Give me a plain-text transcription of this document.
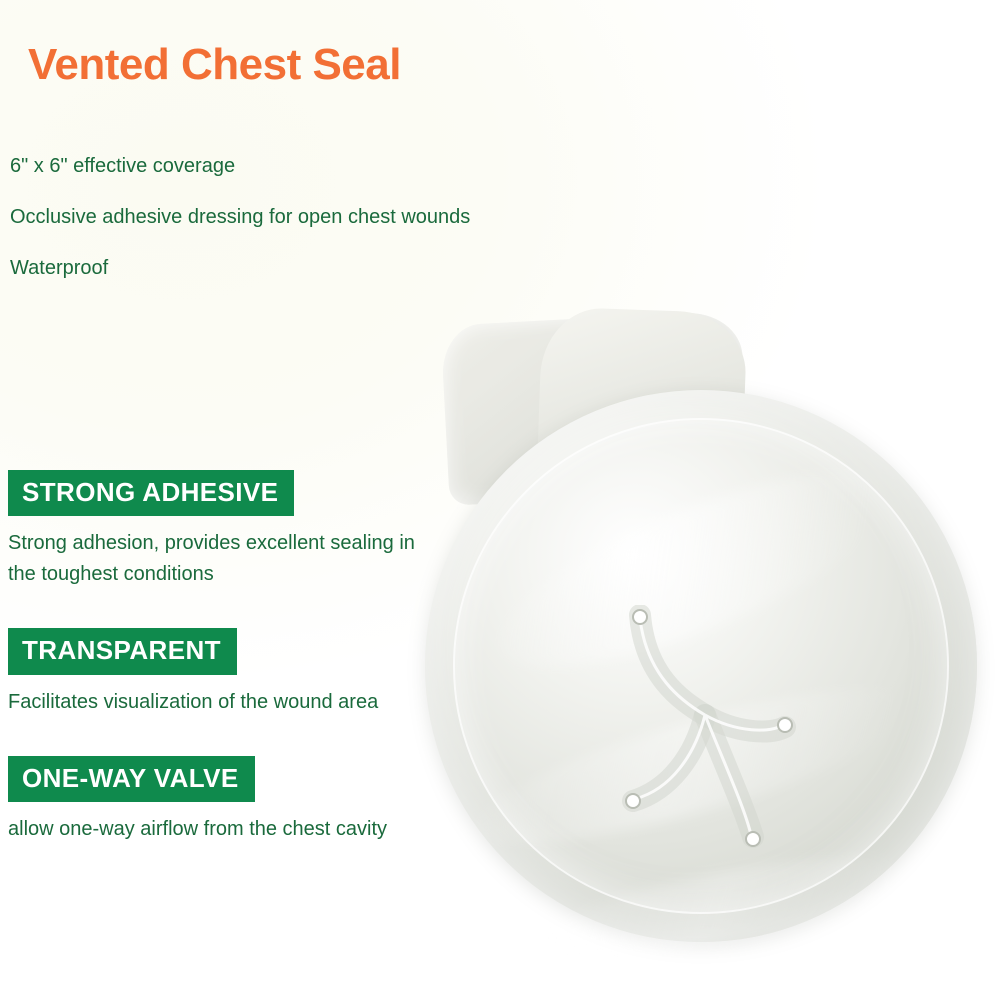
Vented Chest Seal
6" x 6" effective coverage
Occlusive adhesive dressing for open chest wounds
Waterproof
STRONG ADHESIVE
Strong adhesion, provides excellent sealing in the toughest conditions
TRANSPARENT
Facilitates visualization of the wound area
ONE-WAY VALVE
allow one-way airflow from the chest cavity
